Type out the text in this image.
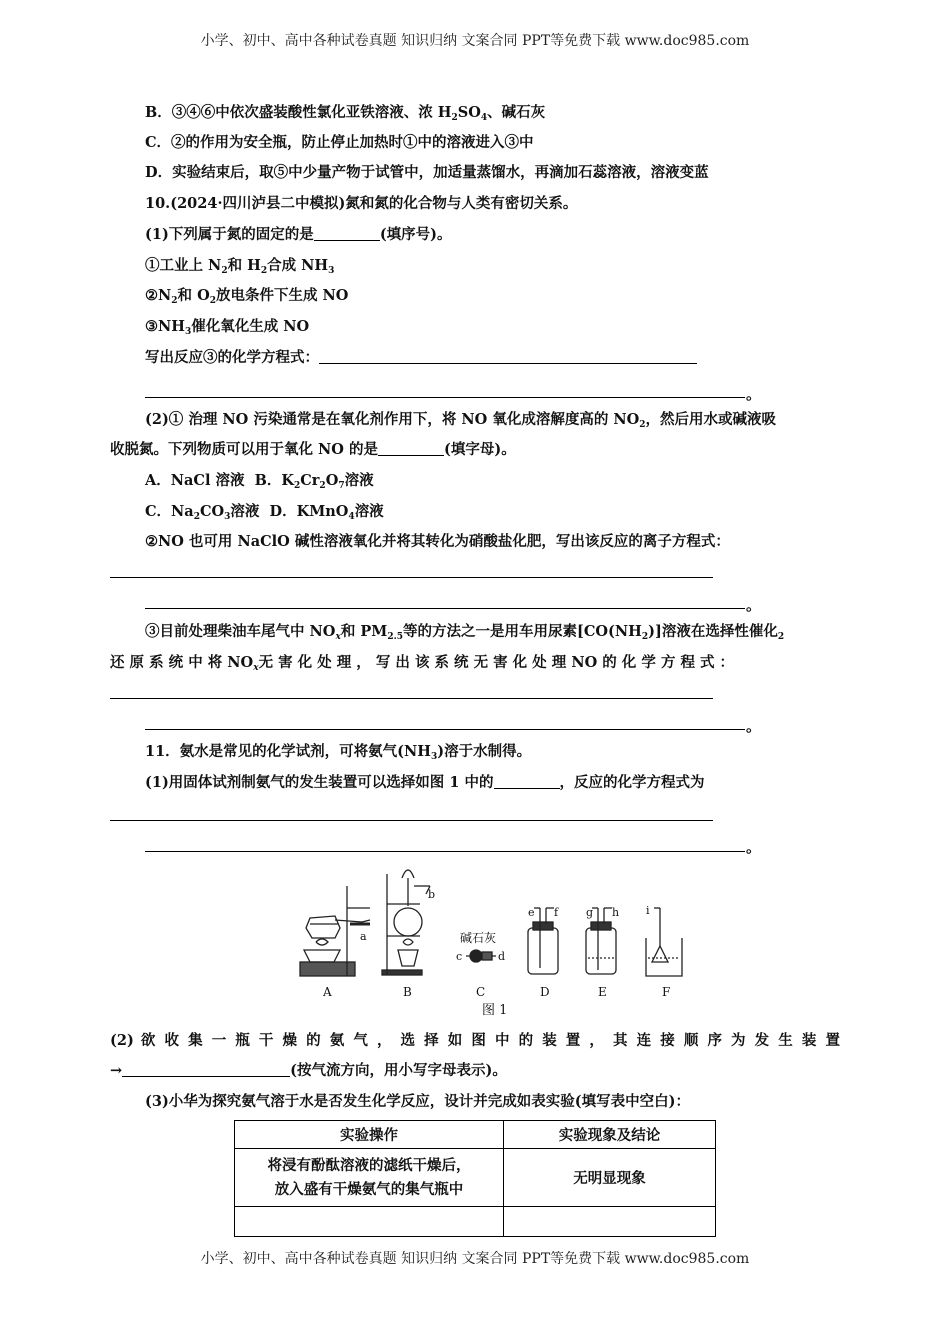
小学、初中、高中各种试卷真题 知识归纳 文案合同 PPT等免费下载 www.doc985.com
B．③④⑥中依次盛装酸性氯化亚铁溶液、浓 $H_2SO_4$、碱石灰
C．②的作用为安全瓶，防止停止加热时①中的溶液进入③中
D．实验结束后，取⑤中少量产物于试管中，加适量蒸馏水，再滴加石蕊溶液，溶液变蓝
10.(2024·四川泸县二中模拟)氮和氮的化合物与人类有密切关系。
(1)下列属于氮的固定的是	(填序号)。
①工业上 $N_2$和 $H_2$合成 $NH_3$
$②N_2$和 $O_2$放电条件下生成 NO
$③NH_3$催化氧化生成 NO
写出反应③的化学方程式：
。
(2)① 治理 NO 污染通常是在氧化剂作用下，将 NO 氧化成溶解度高的 $NO_2$，然后用水或碱液吸
收脱氮。下列物质可以用于氧化 NO 的是	(填字母)。
A．NaCl 溶液 B．$K_2Cr_2O_7$溶液
C．$Na_2CO_3$溶液 D．KMnO$_4$溶液
②NO 也可用 NaClO 碱性溶液氧化并将其转化为硝酸盐化肥，写出该反应的离子方程式：
。
③目前处理柴油车尾气中 $NO_x$和 $PM_{2.5}$等的方法之一是用车用尿素$[CO(NH_2)]$溶液在选择性催化$_2$
还 原 系 统 中 将 $NO_x$无 害 化 处 理 ， 写 出 该 系 统 无 害 化 处 理 NO 的 化 学 方 程 式 ：
。
11．氨水是常见的化学试剂，可将氨气$(NH_3)$溶于水制得。
(1)用固体试剂制氨气的发生装置可以选择如图 1 中的	，反应的化学方程式为
。
A	B	C	D	E	F
a
b
c	d
e f	g h i
碱石灰
图 1
(2) 欲 收 集 一 瓶 干 燥 的 氨 气 ， 选 择 如 图 中 的 装 置 ， 其 连 接 顺 序 为 发 生 装 置
→	(按气流方向，用小写字母表示)。
(3)小华为探究氨气溶于水是否发生化学反应，设计并完成如表实验(填写表中空白)：
实验操作	实验现象及结论

将浸有酚酞溶液的滤纸干燥后，
放入盛有干燥氨气的集气瓶中	无明显现象

小学、初中、高中各种试卷真题 知识归纳 文案合同 PPT等免费下载 www.doc985.com
